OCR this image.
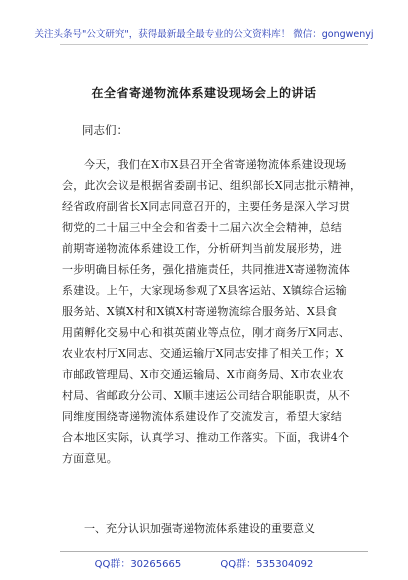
关注头条号"公文研究"，获得最新最全最专业的公文资料库！ 微信：gongwenyj
在全省寄递物流体系建设现场会上的讲话
同志们：
今天，我们在X市X县召开全省寄递物流体系建设现场
会，此次会议是根据省委副书记、组织部长X同志批示精神，
经省政府副省长X同志同意召开的，主要任务是深入学习贯
彻党的二十届三中全会和省委十二届六次全会精神，总结
前期寄递物流体系建设工作，分析研判当前发展形势，进
一步明确目标任务，强化措施责任，共同推进X寄递物流体
系建设。上午，大家现场参观了X县客运站、X镇综合运输
服务站、X镇X村和X镇X村寄递物流综合服务站、X县食
用菌孵化交易中心和祺英菌业等点位，刚才商务厅X同志、
农业农村厅X同志、交通运输厅X同志安排了相关工作；X
市邮政管理局、X市交通运输局、X市商务局、X市农业农
村局、省邮政分公司、X顺丰速运公司结合职能职责，从不
同维度围绕寄递物流体系建设作了交流发言，希望大家结
合本地区实际，认真学习、推动工作落实。下面，我讲4个
方面意见。
一、充分认识加强寄递物流体系建设的重要意义
QQ群：30265665	QQ群：535304092
